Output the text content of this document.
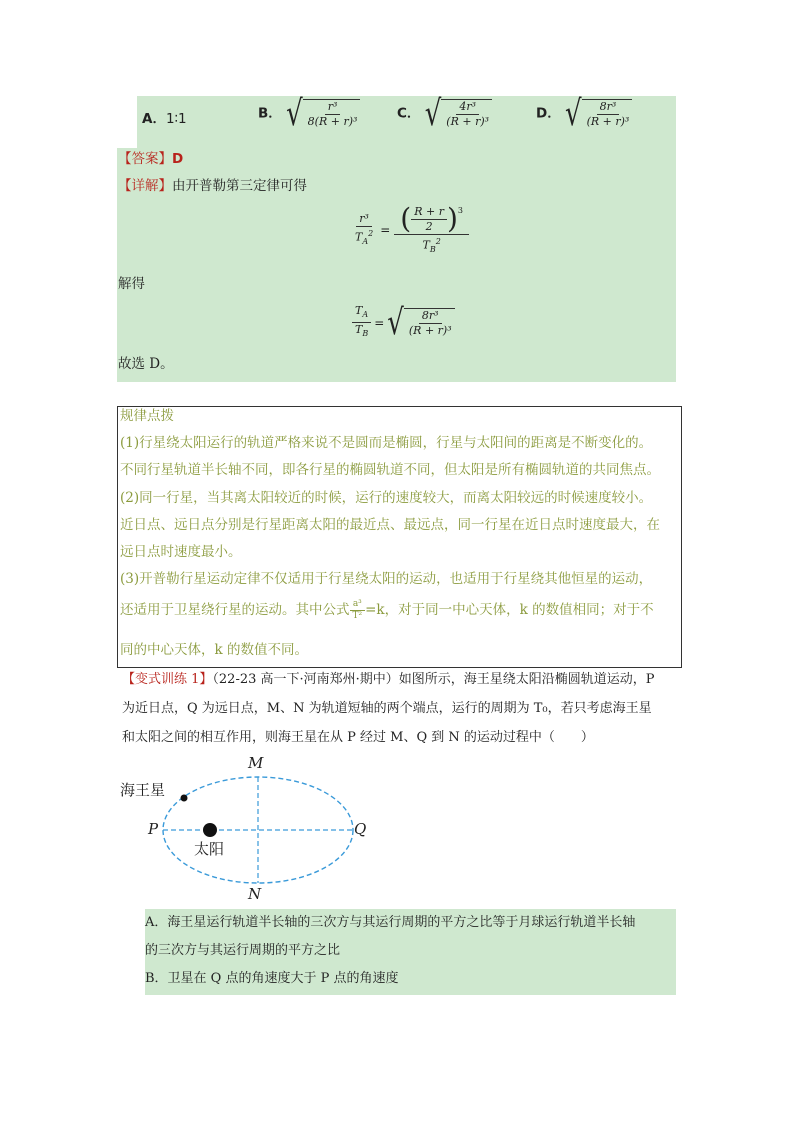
A．1∶1	B． √ $\frac{\text{r³}}{\text{8(R + r)³}}$	C． √ $\frac{\text{4r³}}{\text{(R + r)³}}$	D． √ $\frac{\text{8r³}}{\text{(R + r)³}}$
【答案】D
【详解】由开普勒第三定律可得
$\frac{\text{r³}}{T_A^2} = \frac{( \frac{R + r}{2} )^3}{T_B^2}$
解得
$\frac{T_A}{T_B}$ = √ $\frac{\text{8r³}}{\text{(R + r)³}}$
故选 D。
规律点拨
(1)行星绕太阳运行的轨道严格来说不是圆而是椭圆，行星与太阳间的距离是不断变化的。
不同行星轨道半长轴不同，即各行星的椭圆轨道不同，但太阳是所有椭圆轨道的共同焦点。
(2)同一行星，当其离太阳较近的时候，运行的速度较大，而离太阳较远的时候速度较小。
近日点、远日点分别是行星距离太阳的最近点、最远点，同一行星在近日点时速度最大，在
远日点时速度最小。
(3)开普勒行星运动定律不仅适用于行星绕太阳的运动，也适用于行星绕其他恒星的运动，
还适用于卫星绕行星的运动。其中公式 $\frac{\text{a³}}{\text{T²}} =k$，对于同一中心天体，k 的数值相同；对于不
同的中心天体，k 的数值不同。
【变式训练 1】（22-23 高一下·河南郑州·期中）如图所示，海王星绕太阳沿椭圆轨道运动，P
为近日点，Q 为远日点，M、N 为轨道短轴的两个端点，运行的周期为 T₀，若只考虑海王星
和太阳之间的相互作用，则海王星在从 P 经过 M、Q 到 N 的运动过程中（　　）
M
N
P	Q
海王星
太阳
A．海王星运行轨道半长轴的三次方与其运行周期的平方之比等于月球运行轨道半长轴
的三次方与其运行周期的平方之比
B．卫星在 Q 点的角速度大于 P 点的角速度
